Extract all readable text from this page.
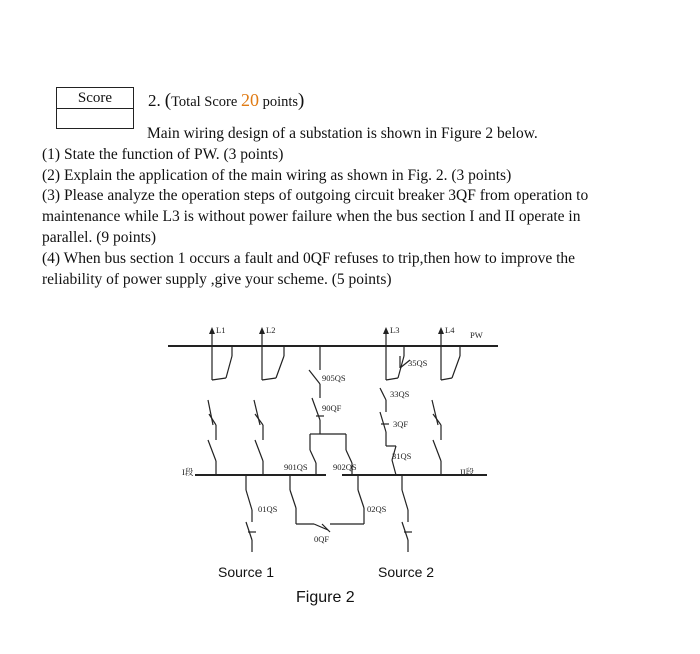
Score	2. (Total Score 20 points)

Main wiring design of a substation is shown in Figure 2 below.

(1) State the function of PW. (3 points)

(2) Explain the application of the main wiring as shown in Fig. 2. (3 points)

(3) Please analyze the operation steps of outgoing circuit breaker 3QF from operation to maintenance while L3 is without power failure when the bus section I and II operate in parallel. (9 points)

(4) When bus section 1 occurs a fault and 0QF refuses to trip,then how to improve the reliability of power supply ,give your scheme. (5 points)

L1	L2	L3	L4 PW
35QS
905QS
33QS
90QF
3QF
31QS
901QS	902QS
01QS	02QS
0QF
I段	II段
Source 1	Source 2
Figure 2
